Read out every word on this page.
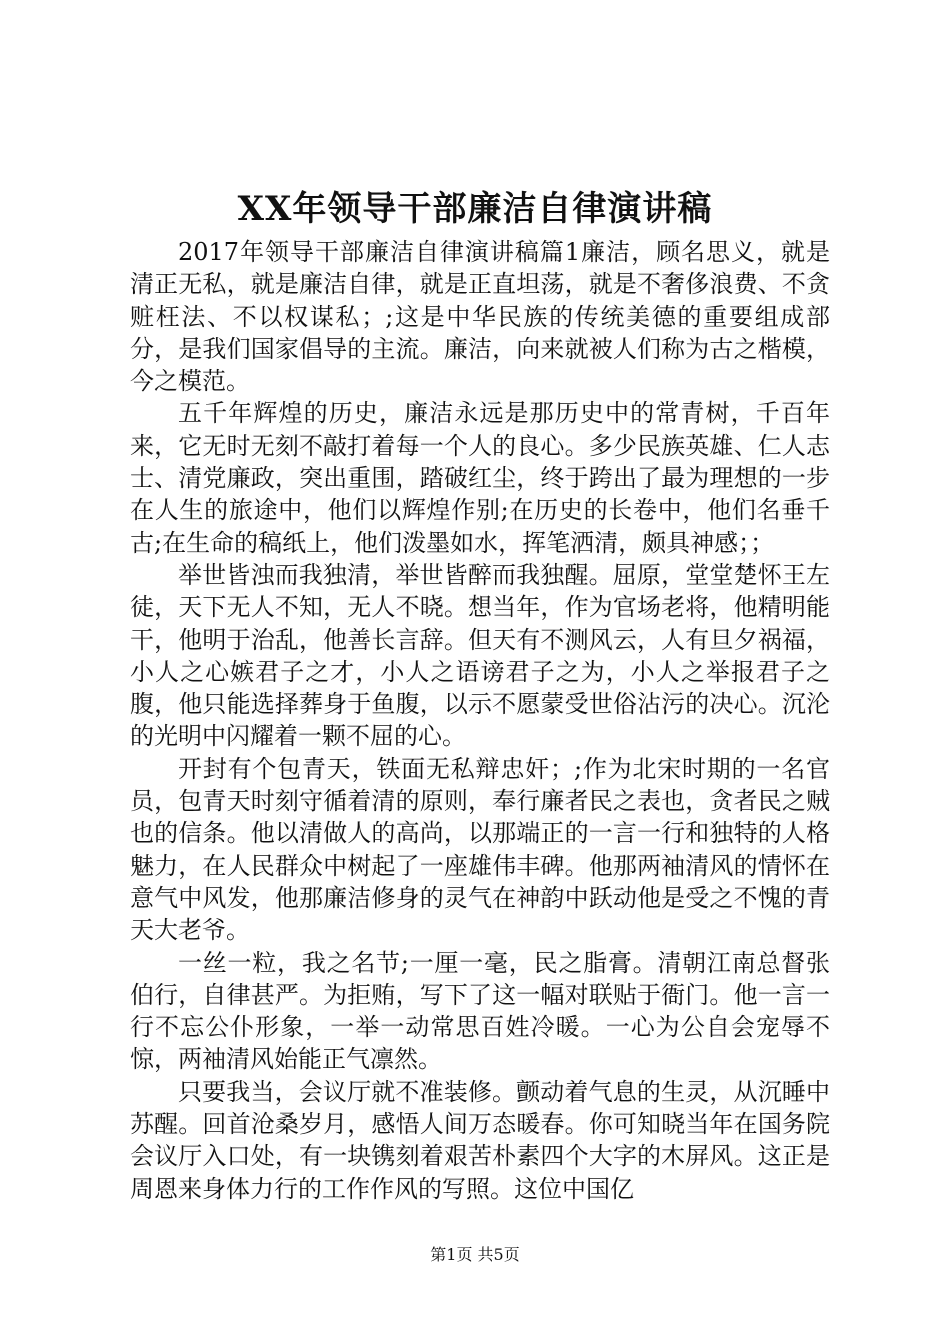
XX年领导干部廉洁自律演讲稿

2017年领导干部廉洁自律演讲稿篇1廉洁，顾名思义，就是清正无私，就是廉洁自律，就是正直坦荡，就是不奢侈浪费、不贪赃枉法、不以权谋私；;这是中华民族的传统美德的重要组成部分，是我们国家倡导的主流。廉洁，向来就被人们称为古之楷模，今之模范。

五千年辉煌的历史，廉洁永远是那历史中的常青树，千百年来，它无时无刻不敲打着每一个人的良心。多少民族英雄、仁人志士、清党廉政，突出重围，踏破红尘，终于跨出了最为理想的一步在人生的旅途中，他们以辉煌作别;在历史的长卷中，他们名垂千古;在生命的稿纸上，他们泼墨如水，挥笔洒清，颇具神感；；

举世皆浊而我独清，举世皆醉而我独醒。屈原，堂堂楚怀王左徒，天下无人不知，无人不晓。想当年，作为官场老将，他精明能干，他明于治乱，他善长言辞。但天有不测风云，人有旦夕祸福，小人之心嫉君子之才，小人之语谤君子之为，小人之举报君子之腹，他只能选择葬身于鱼腹，以示不愿蒙受世俗沾污的决心。沉沦的光明中闪耀着一颗不屈的心。

开封有个包青天，铁面无私辩忠奸；;作为北宋时期的一名官员，包青天时刻守循着清的原则，奉行廉者民之表也，贪者民之贼也的信条。他以清做人的高尚，以那端正的一言一行和独特的人格魅力，在人民群众中树起了一座雄伟丰碑。他那两袖清风的情怀在意气中风发，他那廉洁修身的灵气在神韵中跃动他是受之不愧的青天大老爷。

一丝一粒，我之名节;一厘一毫，民之脂膏。清朝江南总督张伯行，自律甚严。为拒贿，写下了这一幅对联贴于衙门。他一言一行不忘公仆形象，一举一动常思百姓冷暖。一心为公自会宠辱不惊，两袖清风始能正气凛然。

只要我当，会议厅就不准装修。颤动着气息的生灵，从沉睡中苏醒。回首沧桑岁月，感悟人间万态暖春。你可知晓当年在国务院会议厅入口处，有一块镌刻着艰苦朴素四个大字的木屏风。这正是周恩来身体力行的工作作风的写照。这位中国亿

第1页 共5页
